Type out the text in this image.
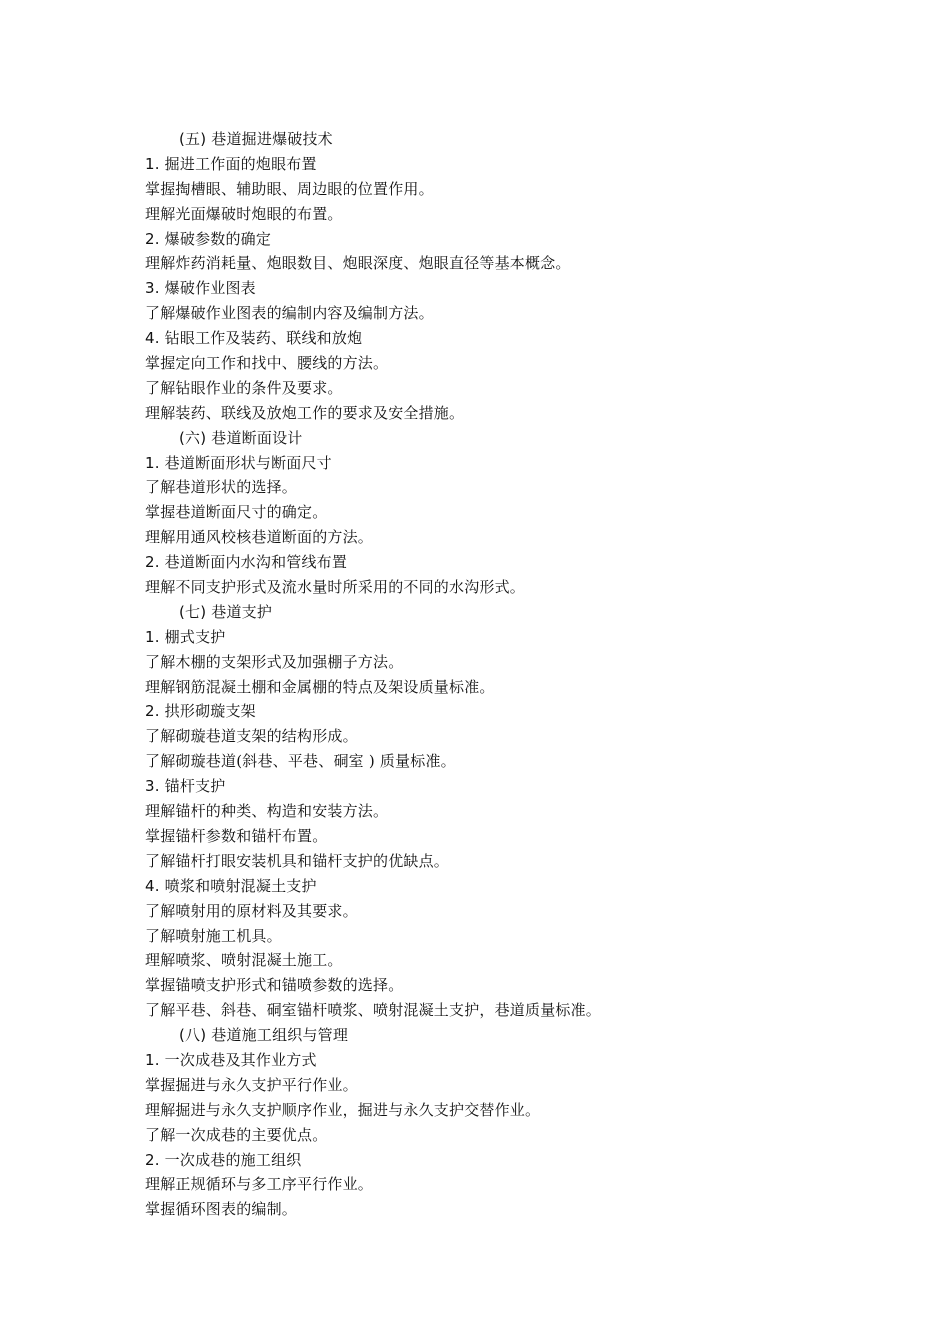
(五) 巷道掘进爆破技术
1. 掘进工作面的炮眼布置
掌握掏槽眼、辅助眼、周边眼的位置作用。
理解光面爆破时炮眼的布置。
2. 爆破参数的确定
理解炸药消耗量、炮眼数目、炮眼深度、炮眼直径等基本概念。
3. 爆破作业图表
了解爆破作业图表的编制内容及编制方法。
4. 钻眼工作及装药、联线和放炮
掌握定向工作和找中、腰线的方法。
了解钻眼作业的条件及要求。
理解装药、联线及放炮工作的要求及安全措施。
(六) 巷道断面设计
1. 巷道断面形状与断面尺寸
了解巷道形状的选择。
掌握巷道断面尺寸的确定。
理解用通风校核巷道断面的方法。
2. 巷道断面内水沟和管线布置
理解不同支护形式及流水量时所采用的不同的水沟形式。
(七) 巷道支护
1. 棚式支护
了解木棚的支架形式及加强棚子方法。
理解钢筋混凝土棚和金属棚的特点及架设质量标准。
2. 拱形砌璇支架
了解砌璇巷道支架的结构形成。
了解砌璇巷道(斜巷、平巷、硐室 ) 质量标准。
3. 锚杆支护
理解锚杆的种类、构造和安装方法。
掌握锚杆参数和锚杆布置。
了解锚杆打眼安装机具和锚杆支护的优缺点。
4. 喷浆和喷射混凝土支护
了解喷射用的原材料及其要求。
了解喷射施工机具。
理解喷浆、喷射混凝土施工。
掌握锚喷支护形式和锚喷参数的选择。
了解平巷、斜巷、硐室锚杆喷浆、喷射混凝土支护，巷道质量标准。
(八) 巷道施工组织与管理
1. 一次成巷及其作业方式
掌握掘进与永久支护平行作业。
理解掘进与永久支护顺序作业，掘进与永久支护交替作业。
了解一次成巷的主要优点。
2. 一次成巷的施工组织
理解正规循环与多工序平行作业。
掌握循环图表的编制。
